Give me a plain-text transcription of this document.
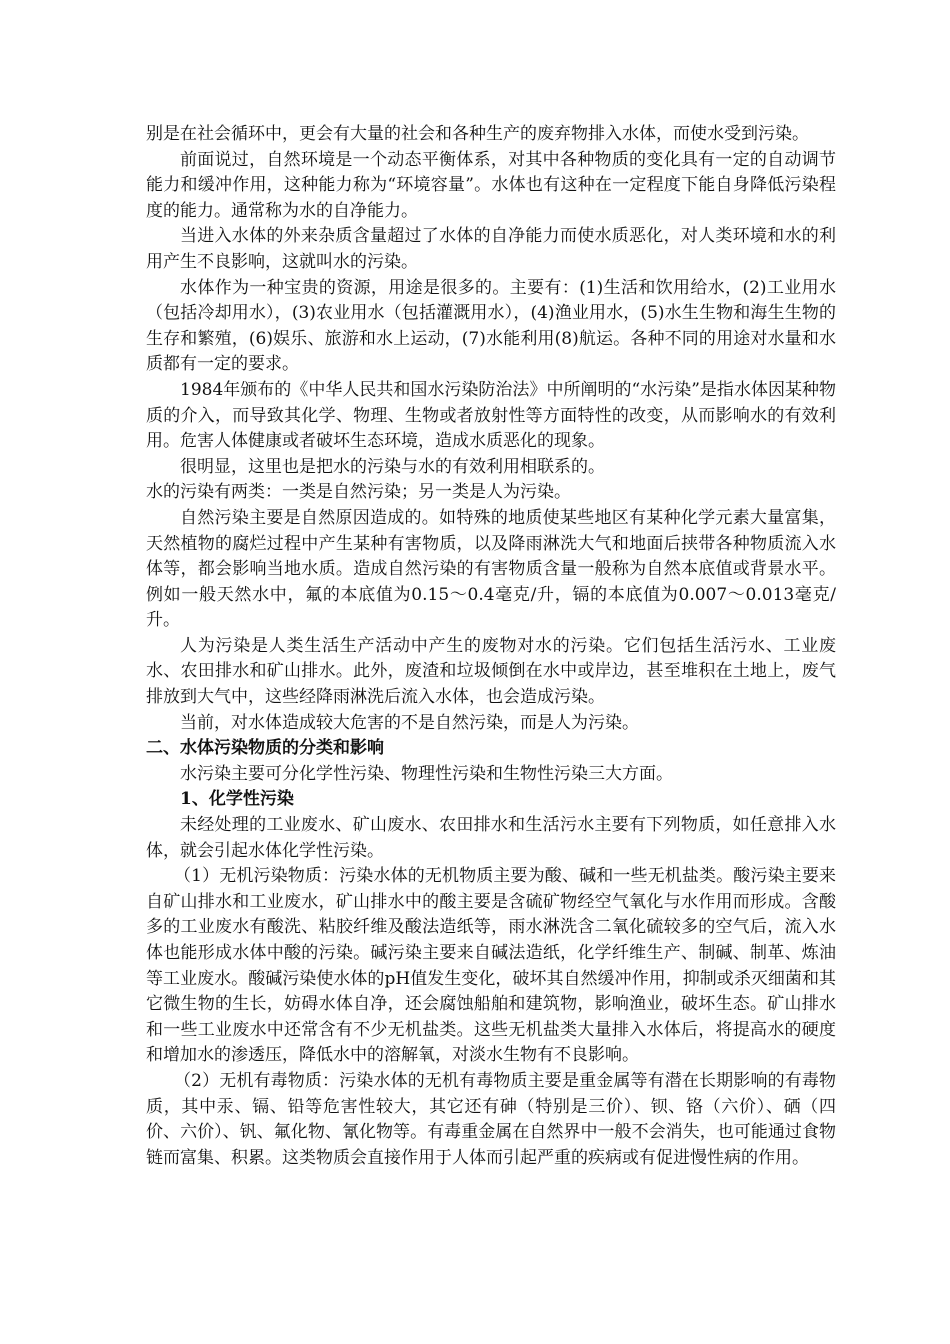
别是在社会循环中，更会有大量的社会和各种生产的废弃物排入水体，而使水受到污染。

前面说过，自然环境是一个动态平衡体系，对其中各种物质的变化具有一定的自动调节能力和缓冲作用，这种能力称为“环境容量”。水体也有这种在一定程度下能自身降低污染程度的能力。通常称为水的自净能力。

当进入水体的外来杂质含量超过了水体的自净能力而使水质恶化，对人类环境和水的利用产生不良影响，这就叫水的污染。

水体作为一种宝贵的资源，用途是很多的。主要有：(1)生活和饮用给水，(2)工业用水（包括冷却用水），(3)农业用水（包括灌溉用水），(4)渔业用水，(5)水生生物和海生生物的生存和繁殖，(6)娱乐、旅游和水上运动，(7)水能利用(8)航运。各种不同的用途对水量和水质都有一定的要求。

1984年颁布的《中华人民共和国水污染防治法》中所阐明的“水污染”是指水体因某种物质的介入，而导致其化学、物理、生物或者放射性等方面特性的改变，从而影响水的有效利用。危害人体健康或者破坏生态环境，造成水质恶化的现象。

很明显，这里也是把水的污染与水的有效利用相联系的。

水的污染有两类：一类是自然污染；另一类是人为污染。

自然污染主要是自然原因造成的。如特殊的地质使某些地区有某种化学元素大量富集，天然植物的腐烂过程中产生某种有害物质，以及降雨淋洗大气和地面后挟带各种物质流入水体等，都会影响当地水质。造成自然污染的有害物质含量一般称为自然本底值或背景水平。例如一般天然水中，氟的本底值为0.15～0.4毫克/升，镉的本底值为0.007～0.013毫克/升。

人为污染是人类生活生产活动中产生的废物对水的污染。它们包括生活污水、工业废水、农田排水和矿山排水。此外，废渣和垃圾倾倒在水中或岸边，甚至堆积在土地上，废气排放到大气中，这些经降雨淋洗后流入水体，也会造成污染。

当前，对水体造成较大危害的不是自然污染，而是人为污染。

二、水体污染物质的分类和影响

水污染主要可分化学性污染、物理性污染和生物性污染三大方面。

1、化学性污染

未经处理的工业废水、矿山废水、农田排水和生活污水主要有下列物质，如任意排入水体，就会引起水体化学性污染。

（1）无机污染物质：污染水体的无机物质主要为酸、碱和一些无机盐类。酸污染主要来自矿山排水和工业废水，矿山排水中的酸主要是含硫矿物经空气氧化与水作用而形成。含酸多的工业废水有酸洗、粘胶纤维及酸法造纸等，雨水淋洗含二氧化硫较多的空气后，流入水体也能形成水体中酸的污染。碱污染主要来自碱法造纸，化学纤维生产、制碱、制革、炼油等工业废水。酸碱污染使水体的pH值发生变化，破坏其自然缓冲作用，抑制或杀灭细菌和其它微生物的生长，妨碍水体自净，还会腐蚀船舶和建筑物，影响渔业，破坏生态。矿山排水和一些工业废水中还常含有不少无机盐类。这些无机盐类大量排入水体后，将提高水的硬度和增加水的渗透压，降低水中的溶解氧，对淡水生物有不良影响。

（2）无机有毒物质：污染水体的无机有毒物质主要是重金属等有潜在长期影响的有毒物质，其中汞、镉、铅等危害性较大，其它还有砷（特别是三价）、钡、铬（六价）、硒（四价、六价）、钒、氟化物、氰化物等。有毒重金属在自然界中一般不会消失，也可能通过食物链而富集、积累。这类物质会直接作用于人体而引起严重的疾病或有促进慢性病的作用。
